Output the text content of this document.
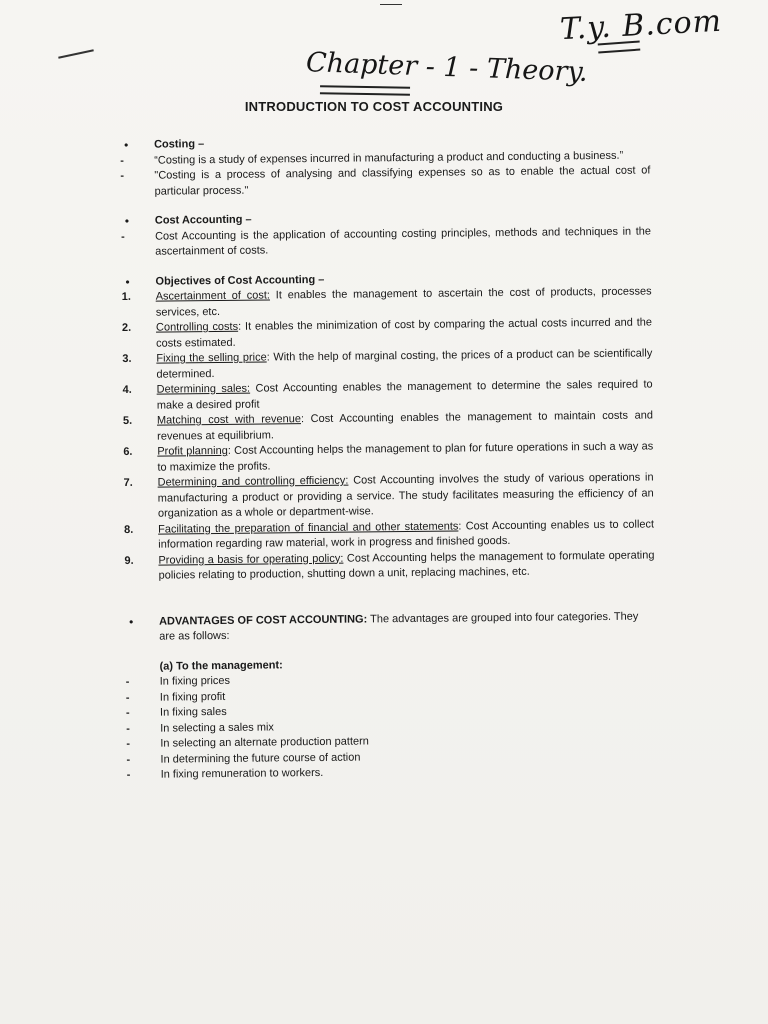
T.y. B.com
Chapter - 1 - Theory.
INTRODUCTION TO COST ACCOUNTING
• Costing –
-	“Costing is a study of expenses incurred in manufacturing a product and conducting a business.”
-	"Costing is a process of analysing and classifying expenses so as to enable the actual cost of particular process."
• Cost Accounting –
-	Cost Accounting is the application of accounting costing principles, methods and techniques in the ascertainment of costs.
• Objectives of Cost Accounting –
1.	Ascertainment of cost: It enables the management to ascertain the cost of products, processes services, etc.
2.	Controlling costs: It enables the minimization of cost by comparing the actual costs incurred and the costs estimated.
3.	Fixing the selling price: With the help of marginal costing, the prices of a product can be scientifically determined.
4.	Determining sales: Cost Accounting enables the management to determine the sales required to make a desired profit
5.	Matching cost with revenue: Cost Accounting enables the management to maintain costs and revenues at equilibrium.
6.	Profit planning: Cost Accounting helps the management to plan for future operations in such a way as to maximize the profits.
7.	Determining and controlling efficiency: Cost Accounting involves the study of various operations in manufacturing a product or providing a service. The study facilitates measuring the efficiency of an organization as a whole or department-wise.
8.	Facilitating the preparation of financial and other statements: Cost Accounting enables us to collect information regarding raw material, work in progress and finished goods.
9.	Providing a basis for operating policy: Cost Accounting helps the management to formulate operating policies relating to production, shutting down a unit, replacing machines, etc.
• ADVANTAGES OF COST ACCOUNTING: The advantages are grouped into four categories. They are as follows:
(a) To the management:
-	In fixing prices
-	In fixing profit
-	In fixing sales
-	In selecting a sales mix
-	In selecting an alternate production pattern
-	In determining the future course of action
-	In fixing remuneration to workers.
